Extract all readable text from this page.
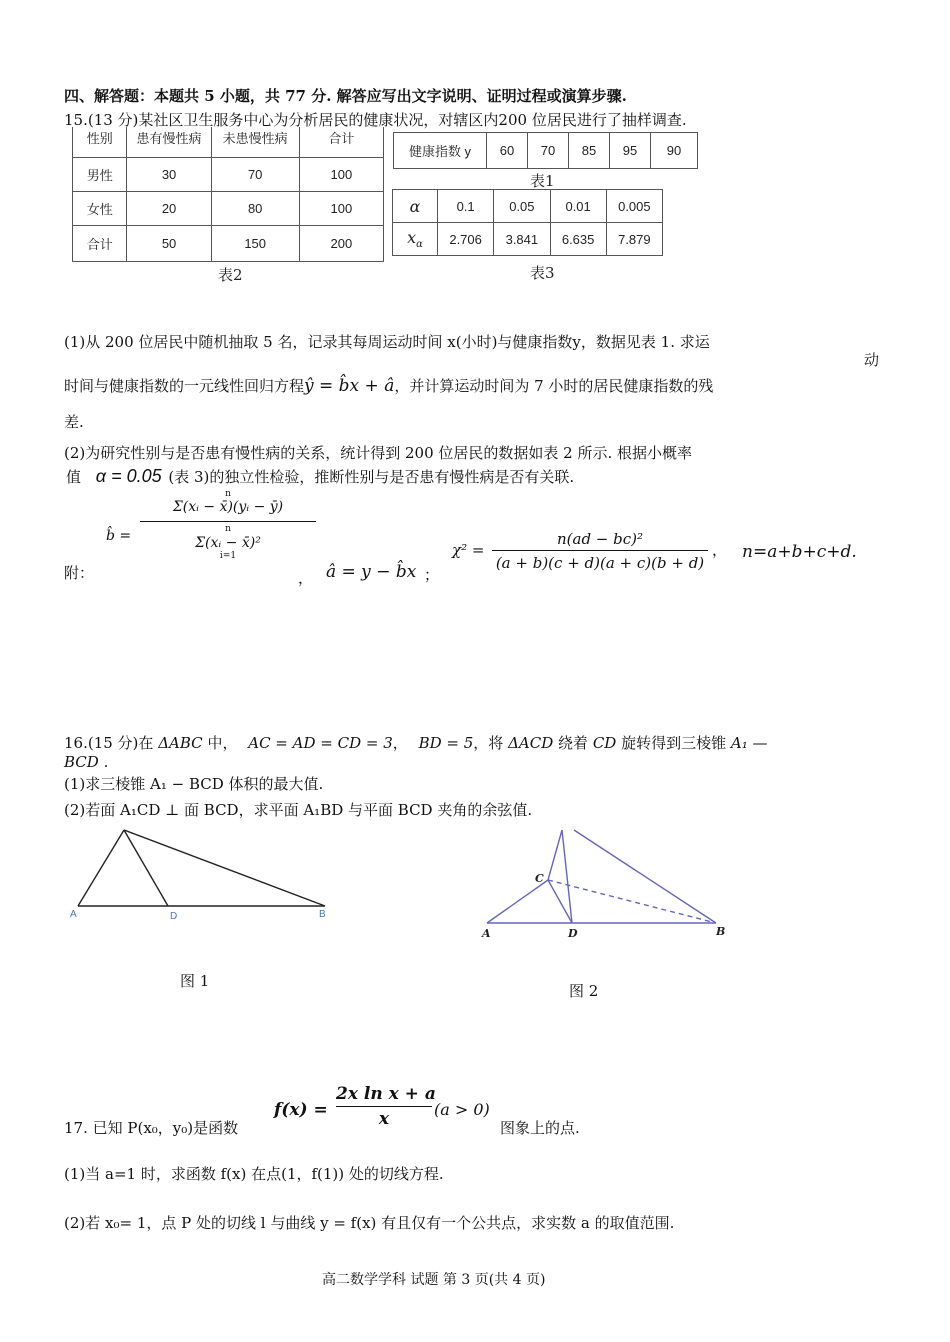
四、解答题：本题共 5 小题，共 77 分. 解答应写出文字说明、证明过程或演算步骤.
15.(13 分)某社区卫生服务中心为分析居民的健康状况，对辖区内200 位居民进行了抽样调查.
性别	患有慢性病	未患慢性病	合计
男性	30	70	100
女性	20	80	100
合计	50	150	200
表2
健康指数 y	60	70	85	95	90
表1
α	0.1	0.05	0.01	0.005
$x_\alpha$	2.706	3.841	6.635	7.879
表3
(1)从 200 位居民中随机抽取 5 名，记录其每周运动时间 x(小时)与健康指数y，数据见表 1. 求运
动
时间与健康指数的一元线性回归方程ŷ = b̂x + â，并计算运动时间为 7 小时的居民健康指数的残
差.
(2)为研究性别与是否患有慢性病的关系，统计得到 200 位居民的数据如表 2 所示. 根据小概率
值 α = 0.05 (表 3)的独立性检验，推断性别与是否患有慢性病是否有关联.
附：
b̂ =
n
Σ(xᵢ − x̄)(yᵢ − ȳ)
n
Σ(xᵢ − x̄)²
i=1
， â = y − b̂x ；
χ² =
n(ad − bc)²
(a + b)(c + d)(a + c)(b + d)
， n=a+b+c+d.
16.(15 分)在 ΔABC 中， AC = AD = CD = 3， BD = 5，将 ΔACD 绕着 CD 旋转得到三棱锥 A₁ —
BCD .
(1)求三棱锥 A₁ − BCD 体积的最大值.
(2)若面 A₁CD ⊥ 面 BCD，求平面 A₁BD 与平面 BCD 夹角的余弦值.
A	D	B
图 1
C
A	D	B
图 2
17. 已知 P(x₀，y₀)是函数
f(x) =
2x ln x + a
x	(a > 0)
图象上的点.
(1)当 a=1 时，求函数 f(x) 在点(1，f(1)) 处的切线方程.
(2)若 x₀= 1，点 P 处的切线 l 与曲线 y = f(x) 有且仅有一个公共点，求实数 a 的取值范围.
高二数学学科 试题 第 3 页(共 4 页)
